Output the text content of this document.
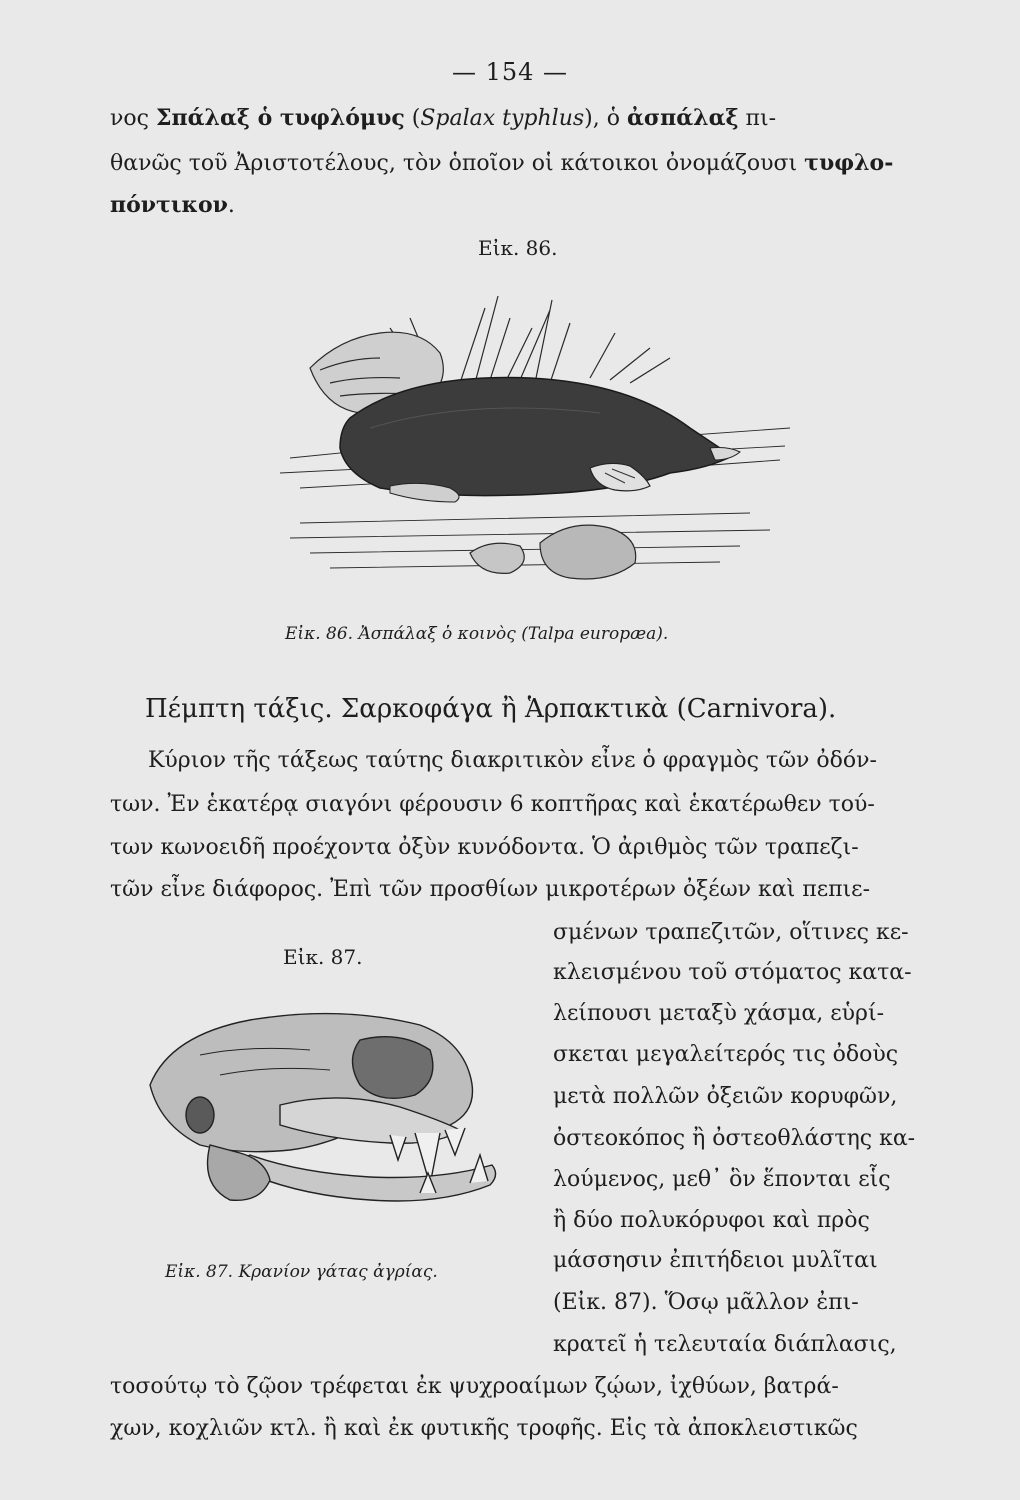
— 154 —
νος Σπάλαξ ὁ τυφλόμυς (Spalax typhlus), ὁ ἀσπάλαξ πι-
θανῶς τοῦ Ἀριστοτέλους, τὸν ὁποῖον οἱ κάτοικοι ὀνομάζουσι τυφλο-
πόντικον.
Εἰκ. 86.
Εἰκ. 86. Ἀσπάλαξ ὁ κοινὸς (Talpa europæa).
Πέμπτη τάξις. Σαρκοφάγα ἢ Ἁρπακτικὰ (Carnivora).
Κύριον τῆς τάξεως ταύτης διακριτικὸν εἶνε ὁ φραγμὸς τῶν ὀδόν-
των. Ἐν ἑκατέρᾳ σιαγόνι φέρουσιν 6 κοπτῆρας καὶ ἑκατέρωθεν τού-
των κωνοειδῆ προέχοντα ὀξὺν κυνόδοντα. Ὁ ἀριθμὸς τῶν τραπεζι-
τῶν εἶνε διάφορος. Ἐπὶ τῶν προσθίων μικροτέρων ὀξέων καὶ πεπιε-
σμένων τραπεζιτῶν, οἵτινες κε-
κλεισμένου τοῦ στόματος κατα-
λείπουσι μεταξὺ χάσμα, εὑρί-
σκεται μεγαλείτερός τις ὀδοὺς
μετὰ πολλῶν ὀξειῶν κορυφῶν,
ὀστεοκόπος ἢ ὀστεοθλάστης κα-
λούμενος, μεθ᾽ ὃν ἕπονται εἷς
ἢ δύο πολυκόρυφοι καὶ πρὸς
μάσσησιν ἐπιτήδειοι μυλῖται
(Εἰκ. 87). Ὅσῳ μᾶλλον ἐπι-
κρατεῖ ἡ τελευταία διάπλασις,
Εἰκ. 87.
Εἰκ. 87. Κρανίον γάτας ἀγρίας.
τοσούτῳ τὸ ζῷον τρέφεται ἐκ ψυχροαίμων ζῴων, ἰχθύων, βατρά-
χων, κοχλιῶν κτλ. ἢ καὶ ἐκ φυτικῆς τροφῆς. Εἰς τὰ ἀποκλειστικῶς
